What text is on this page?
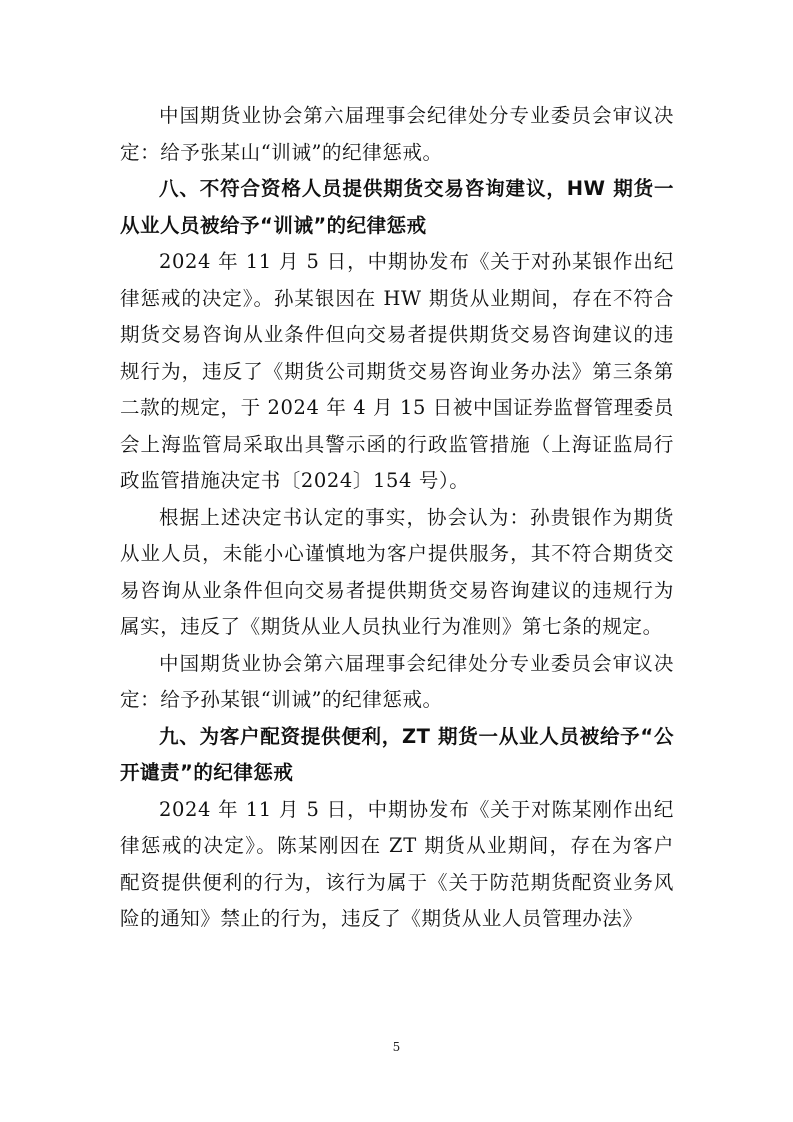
中国期货业协会第六届理事会纪律处分专业委员会审议决定：给予张某山“训诫”的纪律惩戒。

八、不符合资格人员提供期货交易咨询建议，HW 期货一从业人员被给予“训诫”的纪律惩戒

2024 年 11 月 5 日，中期协发布《关于对孙某银作出纪律惩戒的决定》。孙某银因在 HW 期货从业期间，存在不符合期货交易咨询从业条件但向交易者提供期货交易咨询建议的违规行为，违反了《期货公司期货交易咨询业务办法》第三条第二款的规定，于 2024 年 4 月 15 日被中国证券监督管理委员会上海监管局采取出具警示函的行政监管措施（上海证监局行政监管措施决定书〔2024〕154 号）。

根据上述决定书认定的事实，协会认为：孙贵银作为期货从业人员，未能小心谨慎地为客户提供服务，其不符合期货交易咨询从业条件但向交易者提供期货交易咨询建议的违规行为属实，违反了《期货从业人员执业行为准则》第七条的规定。

中国期货业协会第六届理事会纪律处分专业委员会审议决定：给予孙某银“训诫”的纪律惩戒。

九、为客户配资提供便利，ZT 期货一从业人员被给予“公开谴责”的纪律惩戒

2024 年 11 月 5 日，中期协发布《关于对陈某刚作出纪律惩戒的决定》。陈某刚因在 ZT 期货从业期间，存在为客户配资提供便利的行为，该行为属于《关于防范期货配资业务风险的通知》禁止的行为，违反了《期货从业人员管理办法》

5
